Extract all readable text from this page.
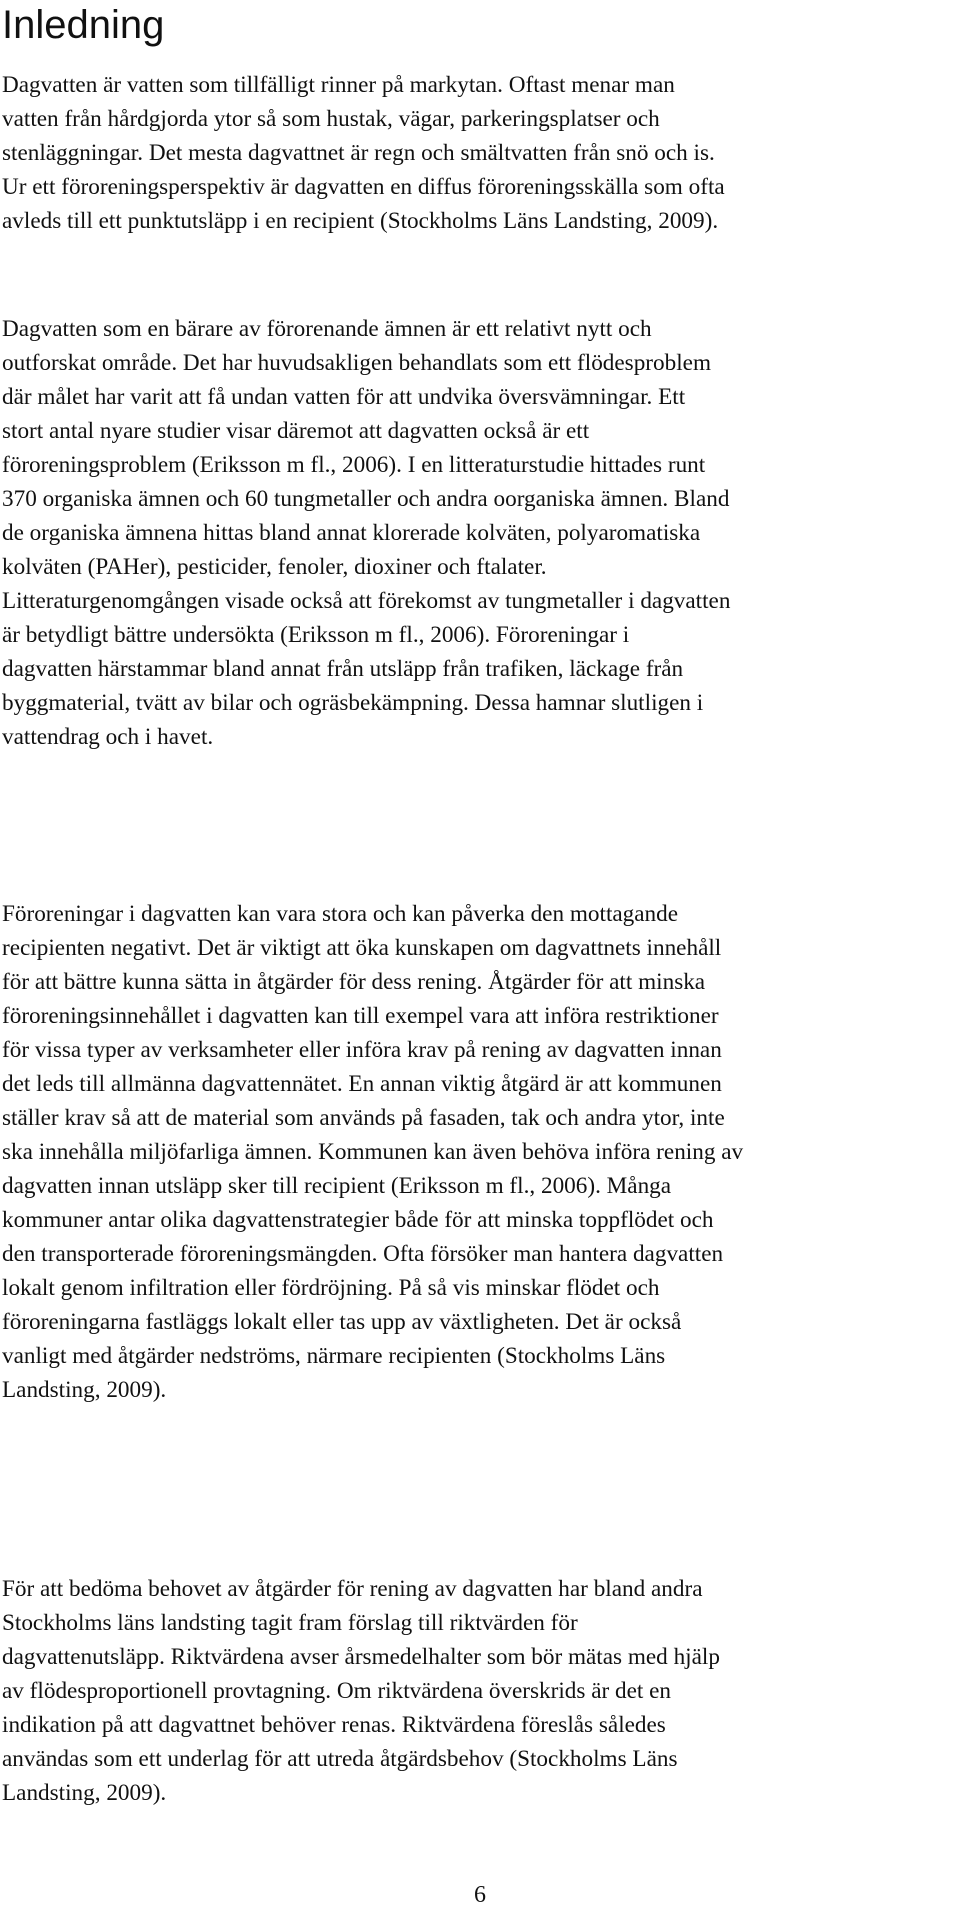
Inledning
Dagvatten är vatten som tillfälligt rinner på markytan. Oftast menar man
vatten från hårdgjorda ytor så som hustak, vägar, parkeringsplatser och
stenläggningar. Det mesta dagvattnet är regn och smältvatten från snö och is.
Ur ett föroreningsperspektiv är dagvatten en diffus föroreningsskälla som ofta
avleds till ett punktutsläpp i en recipient (Stockholms Läns Landsting, 2009).
Dagvatten som en bärare av förorenande ämnen är ett relativt nytt och
outforskat område. Det har huvudsakligen behandlats som ett flödesproblem
där målet har varit att få undan vatten för att undvika översvämningar. Ett
stort antal nyare studier visar däremot att dagvatten också är ett
föroreningsproblem (Eriksson m fl., 2006). I en litteraturstudie hittades runt
370 organiska ämnen och 60 tungmetaller och andra oorganiska ämnen. Bland
de organiska ämnena hittas bland annat klorerade kolväten, polyaromatiska
kolväten (PAHer), pesticider, fenoler, dioxiner och ftalater.
Litteraturgenomgången visade också att förekomst av tungmetaller i dagvatten
är betydligt bättre undersökta (Eriksson m fl., 2006). Föroreningar i
dagvatten härstammar bland annat från utsläpp från trafiken, läckage från
byggmaterial, tvätt av bilar och ogräsbekämpning. Dessa hamnar slutligen i
vattendrag och i havet.
Föroreningar i dagvatten kan vara stora och kan påverka den mottagande
recipienten negativt. Det är viktigt att öka kunskapen om dagvattnets innehåll
för att bättre kunna sätta in åtgärder för dess rening. Åtgärder för att minska
föroreningsinnehållet i dagvatten kan till exempel vara att införa restriktioner
för vissa typer av verksamheter eller införa krav på rening av dagvatten innan
det leds till allmänna dagvattennätet. En annan viktig åtgärd är att kommunen
ställer krav så att de material som används på fasaden, tak och andra ytor, inte
ska innehålla miljöfarliga ämnen. Kommunen kan även behöva införa rening av
dagvatten innan utsläpp sker till recipient (Eriksson m fl., 2006). Många
kommuner antar olika dagvattenstrategier både för att minska toppflödet och
den transporterade föroreningsmängden. Ofta försöker man hantera dagvatten
lokalt genom infiltration eller fördröjning. På så vis minskar flödet och
föroreningarna fastläggs lokalt eller tas upp av växtligheten. Det är också
vanligt med åtgärder nedströms, närmare recipienten (Stockholms Läns
Landsting, 2009).
För att bedöma behovet av åtgärder för rening av dagvatten har bland andra
Stockholms läns landsting tagit fram förslag till riktvärden för
dagvattenutsläpp. Riktvärdena avser årsmedelhalter som bör mätas med hjälp
av flödesproportionell provtagning. Om riktvärdena överskrids är det en
indikation på att dagvattnet behöver renas. Riktvärdena föreslås således
användas som ett underlag för att utreda åtgärdsbehov (Stockholms Läns
Landsting, 2009).
6
